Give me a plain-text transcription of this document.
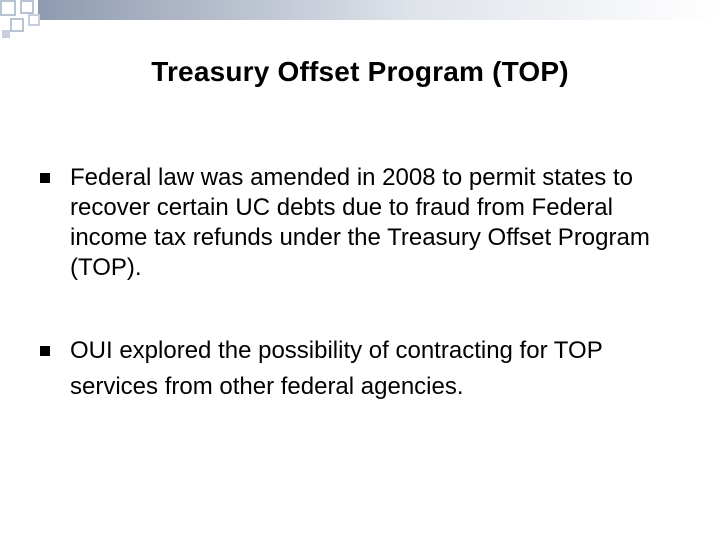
Treasury Offset Program (TOP)
Federal law was amended in 2008 to permit states to recover certain UC debts due to fraud from Federal income tax refunds under the Treasury Offset Program (TOP).
OUI explored the possibility of contracting for TOP services from other federal agencies.
